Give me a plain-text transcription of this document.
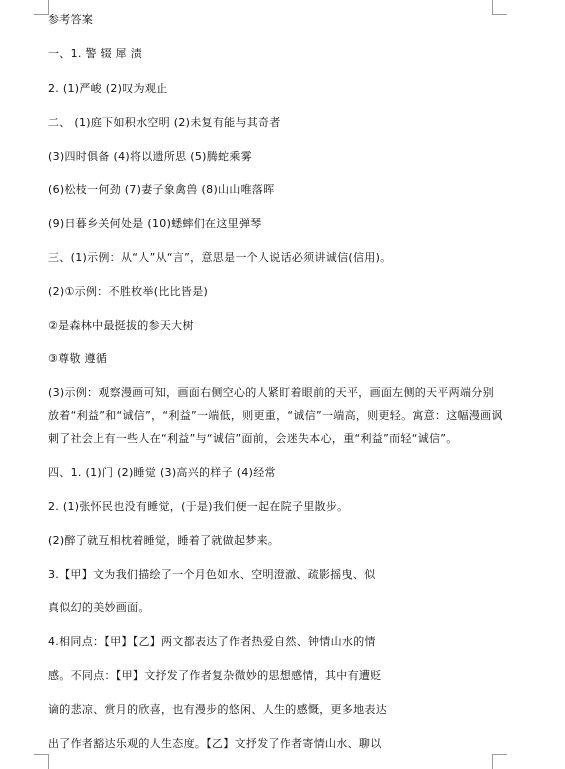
参考答案
一、1. 警 辍 犀 渍
2. (1)严峻 (2)叹为观止
二、 (1)庭下如积水空明 (2)未复有能与其奇者
(3)四时俱备 (4)将以遗所思 (5)腾蛇乘雾
(6)松枝一何劲 (7)妻子象禽兽 (8)山山唯落晖
(9)日暮乡关何处是 (10)蟋蟀们在这里弹琴
三、(1)示例：从“人”从“言”，意思是一个人说话必须讲诚信(信用)。
(2)①示例：不胜枚举(比比皆是)
②是森林中最挺拔的参天大树
③尊敬 遵循
(3)示例：观察漫画可知，画面右侧空心的人紧盯着眼前的天平，画面左侧的天平两端分别
放着“利益”和“诚信”，“利益”一端低，则更重，“诚信”一端高，则更轻。寓意：这幅漫画讽
刺了社会上有一些人在“利益”与“诚信”面前，会迷失本心，重“利益”而轻“诚信”。
四、1. (1)门 (2)睡觉 (3)高兴的样子 (4)经常
2. (1)张怀民也没有睡觉，(于是)我们便一起在院子里散步。
(2)醉了就互相枕着睡觉，睡着了就做起梦来。
3.【甲】文为我们描绘了一个月色如水、空明澄澈、疏影摇曳、似
真似幻的美妙画面。
4.相同点：【甲】【乙】两文都表达了作者热爱自然、钟情山水的情
感。不同点：【甲】文抒发了作者复杂微妙的思想感情，其中有遭贬
谪的悲凉、赏月的欣喜，也有漫步的悠闲、人生的感慨，更多地表达
出了作者豁达乐观的人生态度。【乙】文抒发了作者寄情山水、聊以
